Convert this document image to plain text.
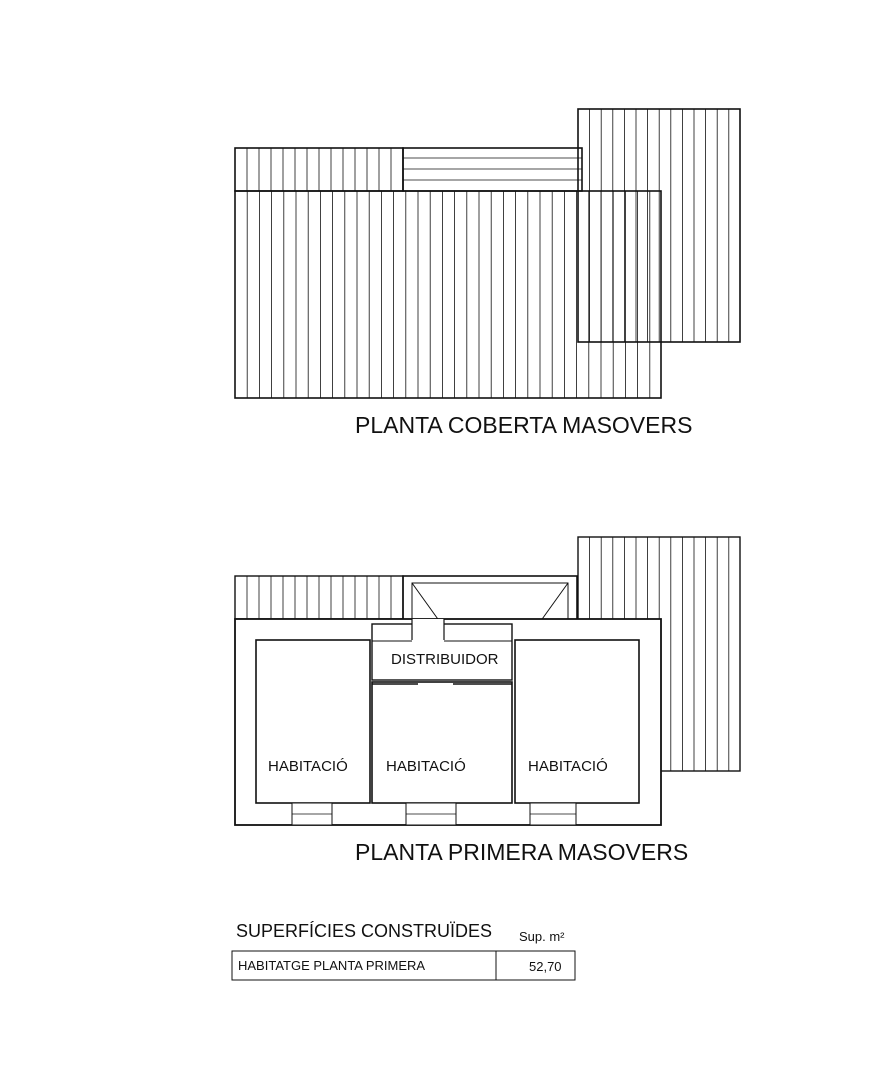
PLANTA COBERTA MASOVERS
DISTRIBUIDOR
HABITACIÓ	HABITACIÓ	HABITACIÓ
PLANTA PRIMERA MASOVERS
SUPERFÍCIES CONSTRUÏDES Sup. m²
HABITATGE PLANTA PRIMERA	52,70
